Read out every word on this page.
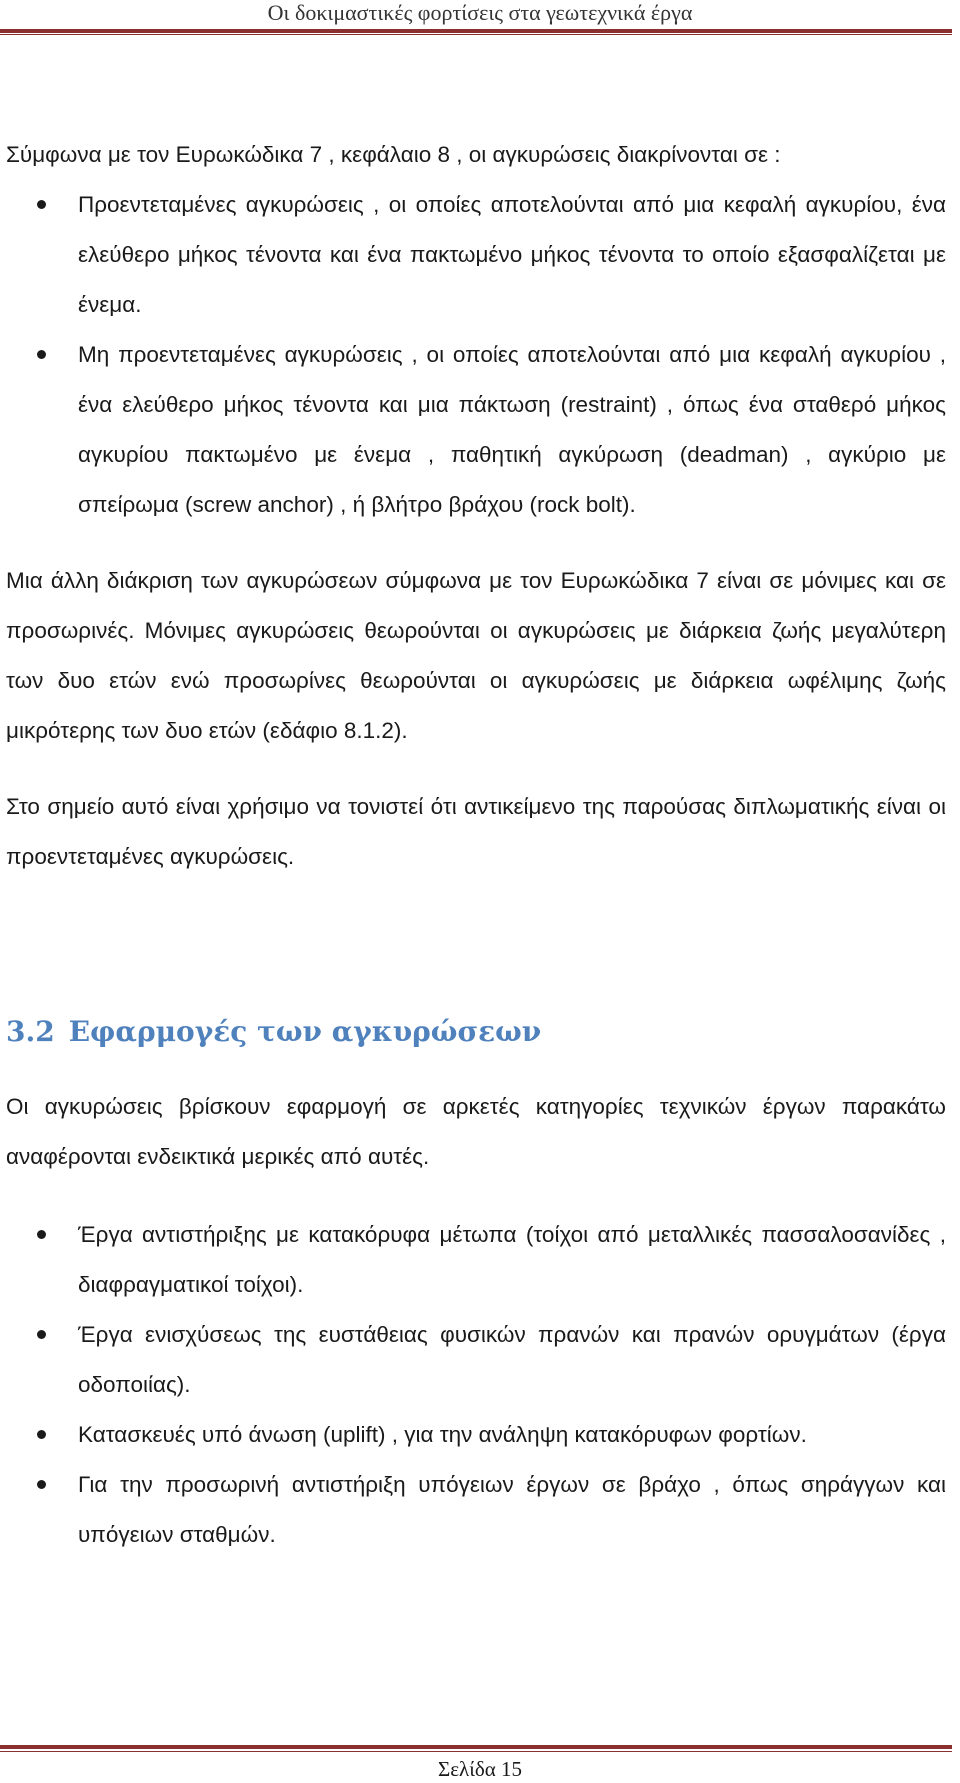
Οι δοκιμαστικές φορτίσεις στα γεωτεχνικά έργα

Σύμφωνα με τον Ευρωκώδικα 7 , κεφάλαιο 8 , οι αγκυρώσεις διακρίνονται σε :

Προεντεταμένες αγκυρώσεις , οι οποίες αποτελούνται από μια κεφαλή αγκυρίου, ένα ελεύθερο μήκος τένοντα και ένα πακτωμένο μήκος τένοντα το οποίο εξασφαλίζεται με ένεμα.
Μη προεντεταμένες αγκυρώσεις , οι οποίες αποτελούνται από μια κεφαλή αγκυρίου , ένα ελεύθερο μήκος τένοντα και μια πάκτωση (restraint) , όπως ένα σταθερό μήκος αγκυρίου πακτωμένο με ένεμα , παθητική αγκύρωση (deadman) , αγκύριο με σπείρωμα (screw anchor) , ή βλήτρο βράχου (rock bolt).

Μια άλλη διάκριση των αγκυρώσεων σύμφωνα με τον Ευρωκώδικα 7 είναι σε μόνιμες και σε προσωρινές. Μόνιμες αγκυρώσεις θεωρούνται οι αγκυρώσεις με διάρκεια ζωής μεγαλύτερη των δυο ετών ενώ προσωρίνες θεωρούνται οι αγκυρώσεις με διάρκεια ωφέλιμης ζωής μικρότερης των δυο ετών (εδάφιο 8.1.2).

Στο σημείο αυτό είναι χρήσιμο να τονιστεί ότι αντικείμενο της παρούσας διπλωματικής είναι οι προεντεταμένες αγκυρώσεις.

3.2 Εφαρμογές των αγκυρώσεων

Οι αγκυρώσεις βρίσκουν εφαρμογή σε αρκετές κατηγορίες τεχνικών έργων παρακάτω αναφέρονται ενδεικτικά μερικές από αυτές.

Έργα αντιστήριξης με κατακόρυφα μέτωπα (τοίχοι από μεταλλικές πασσαλοσανίδες , διαφραγματικοί τοίχοι).
Έργα ενισχύσεως της ευστάθειας φυσικών πρανών και πρανών ορυγμάτων (έργα οδοποιίας).
Κατασκευές υπό άνωση (uplift) , για την ανάληψη κατακόρυφων φορτίων.
Για την προσωρινή αντιστήριξη υπόγειων έργων σε βράχο , όπως σηράγγων και υπόγειων σταθμών.
Σελίδα 15
